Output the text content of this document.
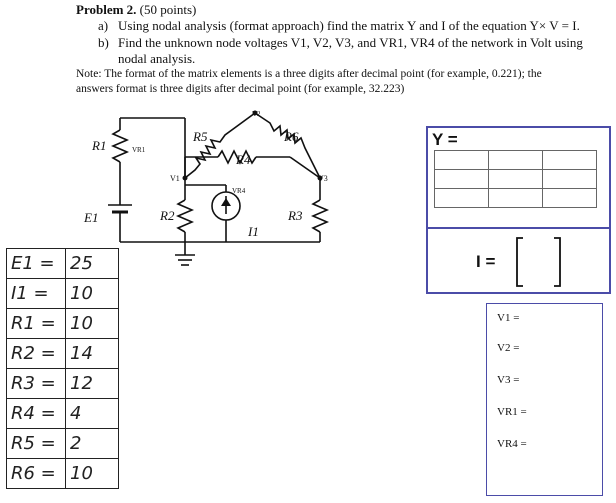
Problem 2. (50 points)
a) Using nodal analysis (format approach) find the matrix Y and I of the equation Y× V = I.
b) Find the unknown node voltages V1, V2, V3, and VR1, VR4 of the network in Volt using
nodal analysis.
Note: The format of the matrix elements is a three digits after decimal point (for example, 0.221); the
answers format is three digits after decimal point (for example, 32.223)
R1	VR1
R5	R6
V2
V1
R4
VR4
V3
E1	R2	R3
I1
Y =

I =
V1 =
V2 =
V3 =
VR1 =
VR4 =
E1 =	25
I1 =	10
R1 =	10
R2 =	14
R3 =	12
R4 =	4
R5 =	2
R6 =	10
